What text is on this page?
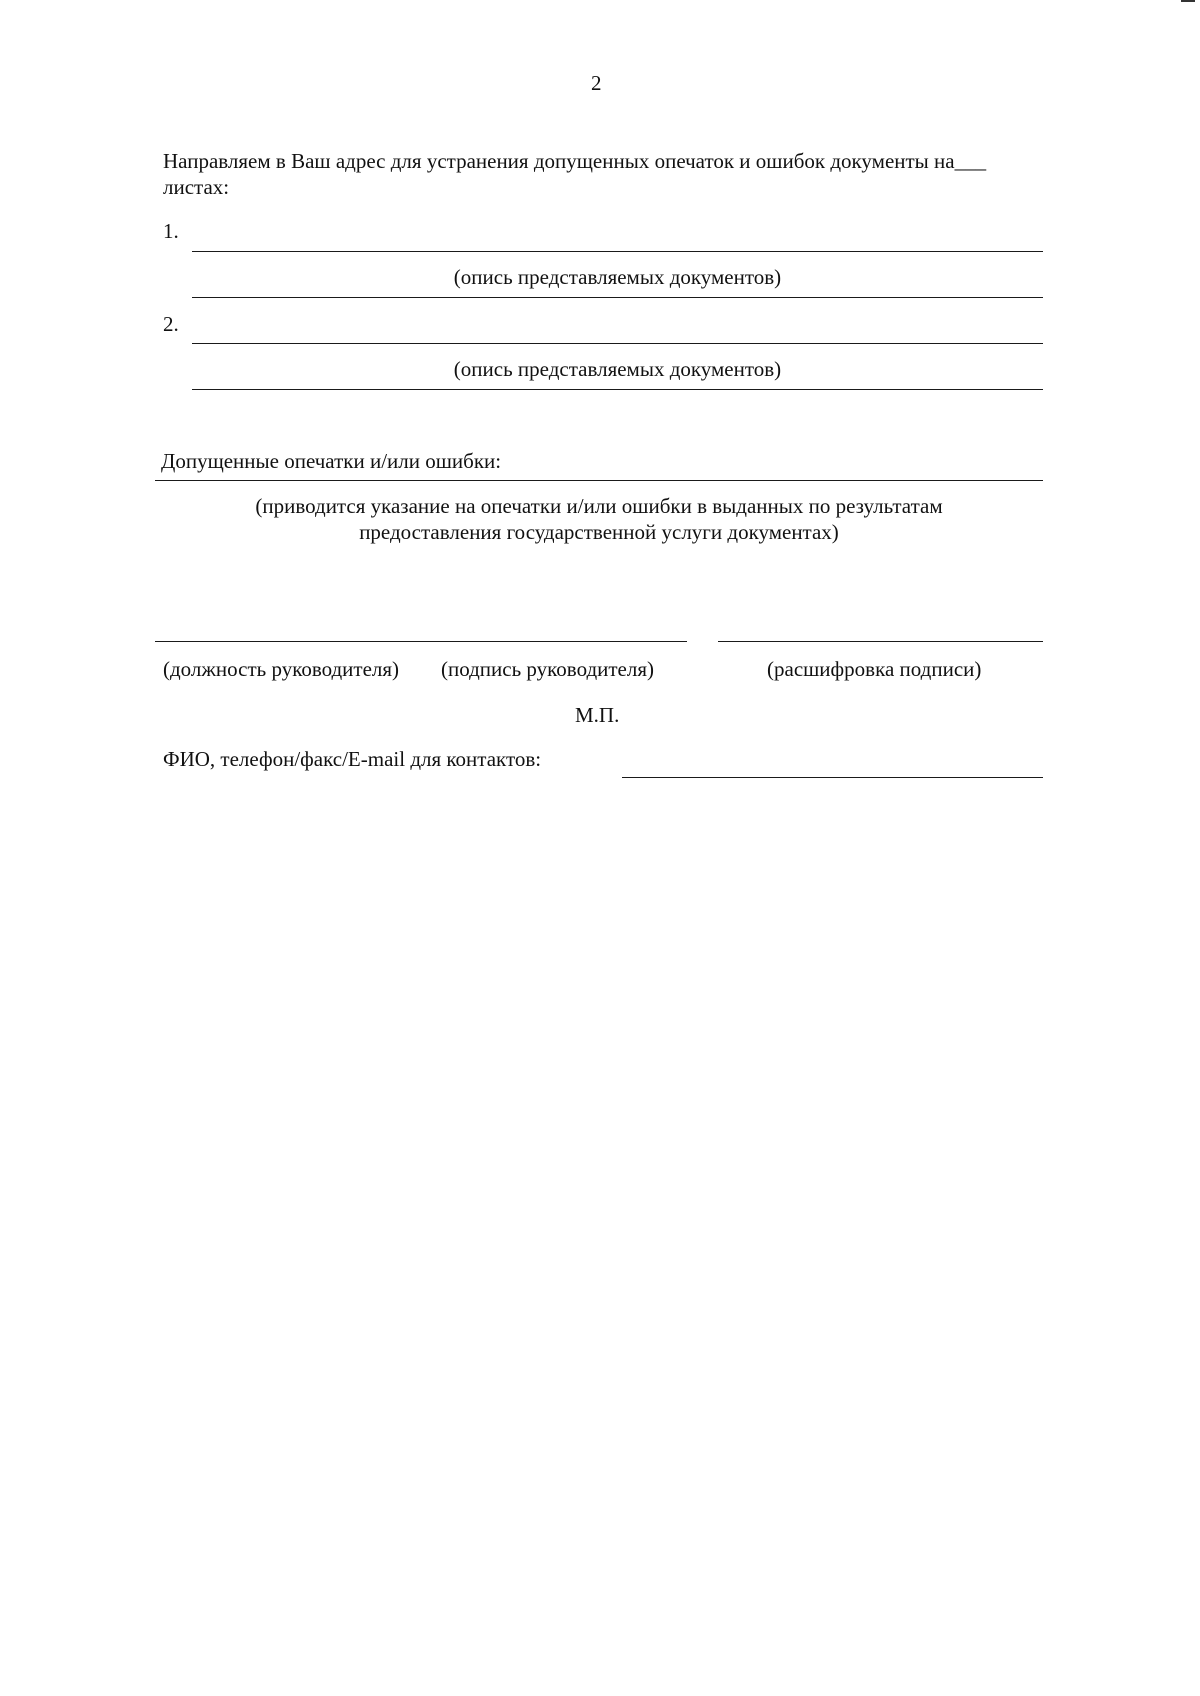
2
Направляем в Ваш адрес для устранения допущенных опечаток и ошибок документы на___
листах:
1.
(опись представляемых документов)
2.
(опись представляемых документов)
Допущенные опечатки и/или ошибки:
(приводится указание на опечатки и/или ошибки в выданных по результатам
предоставления государственной услуги документах)
(должность руководителя) (подпись руководителя)	(расшифровка подписи)
М.П.
ФИО, телефон/факс/E-mail для контактов:
